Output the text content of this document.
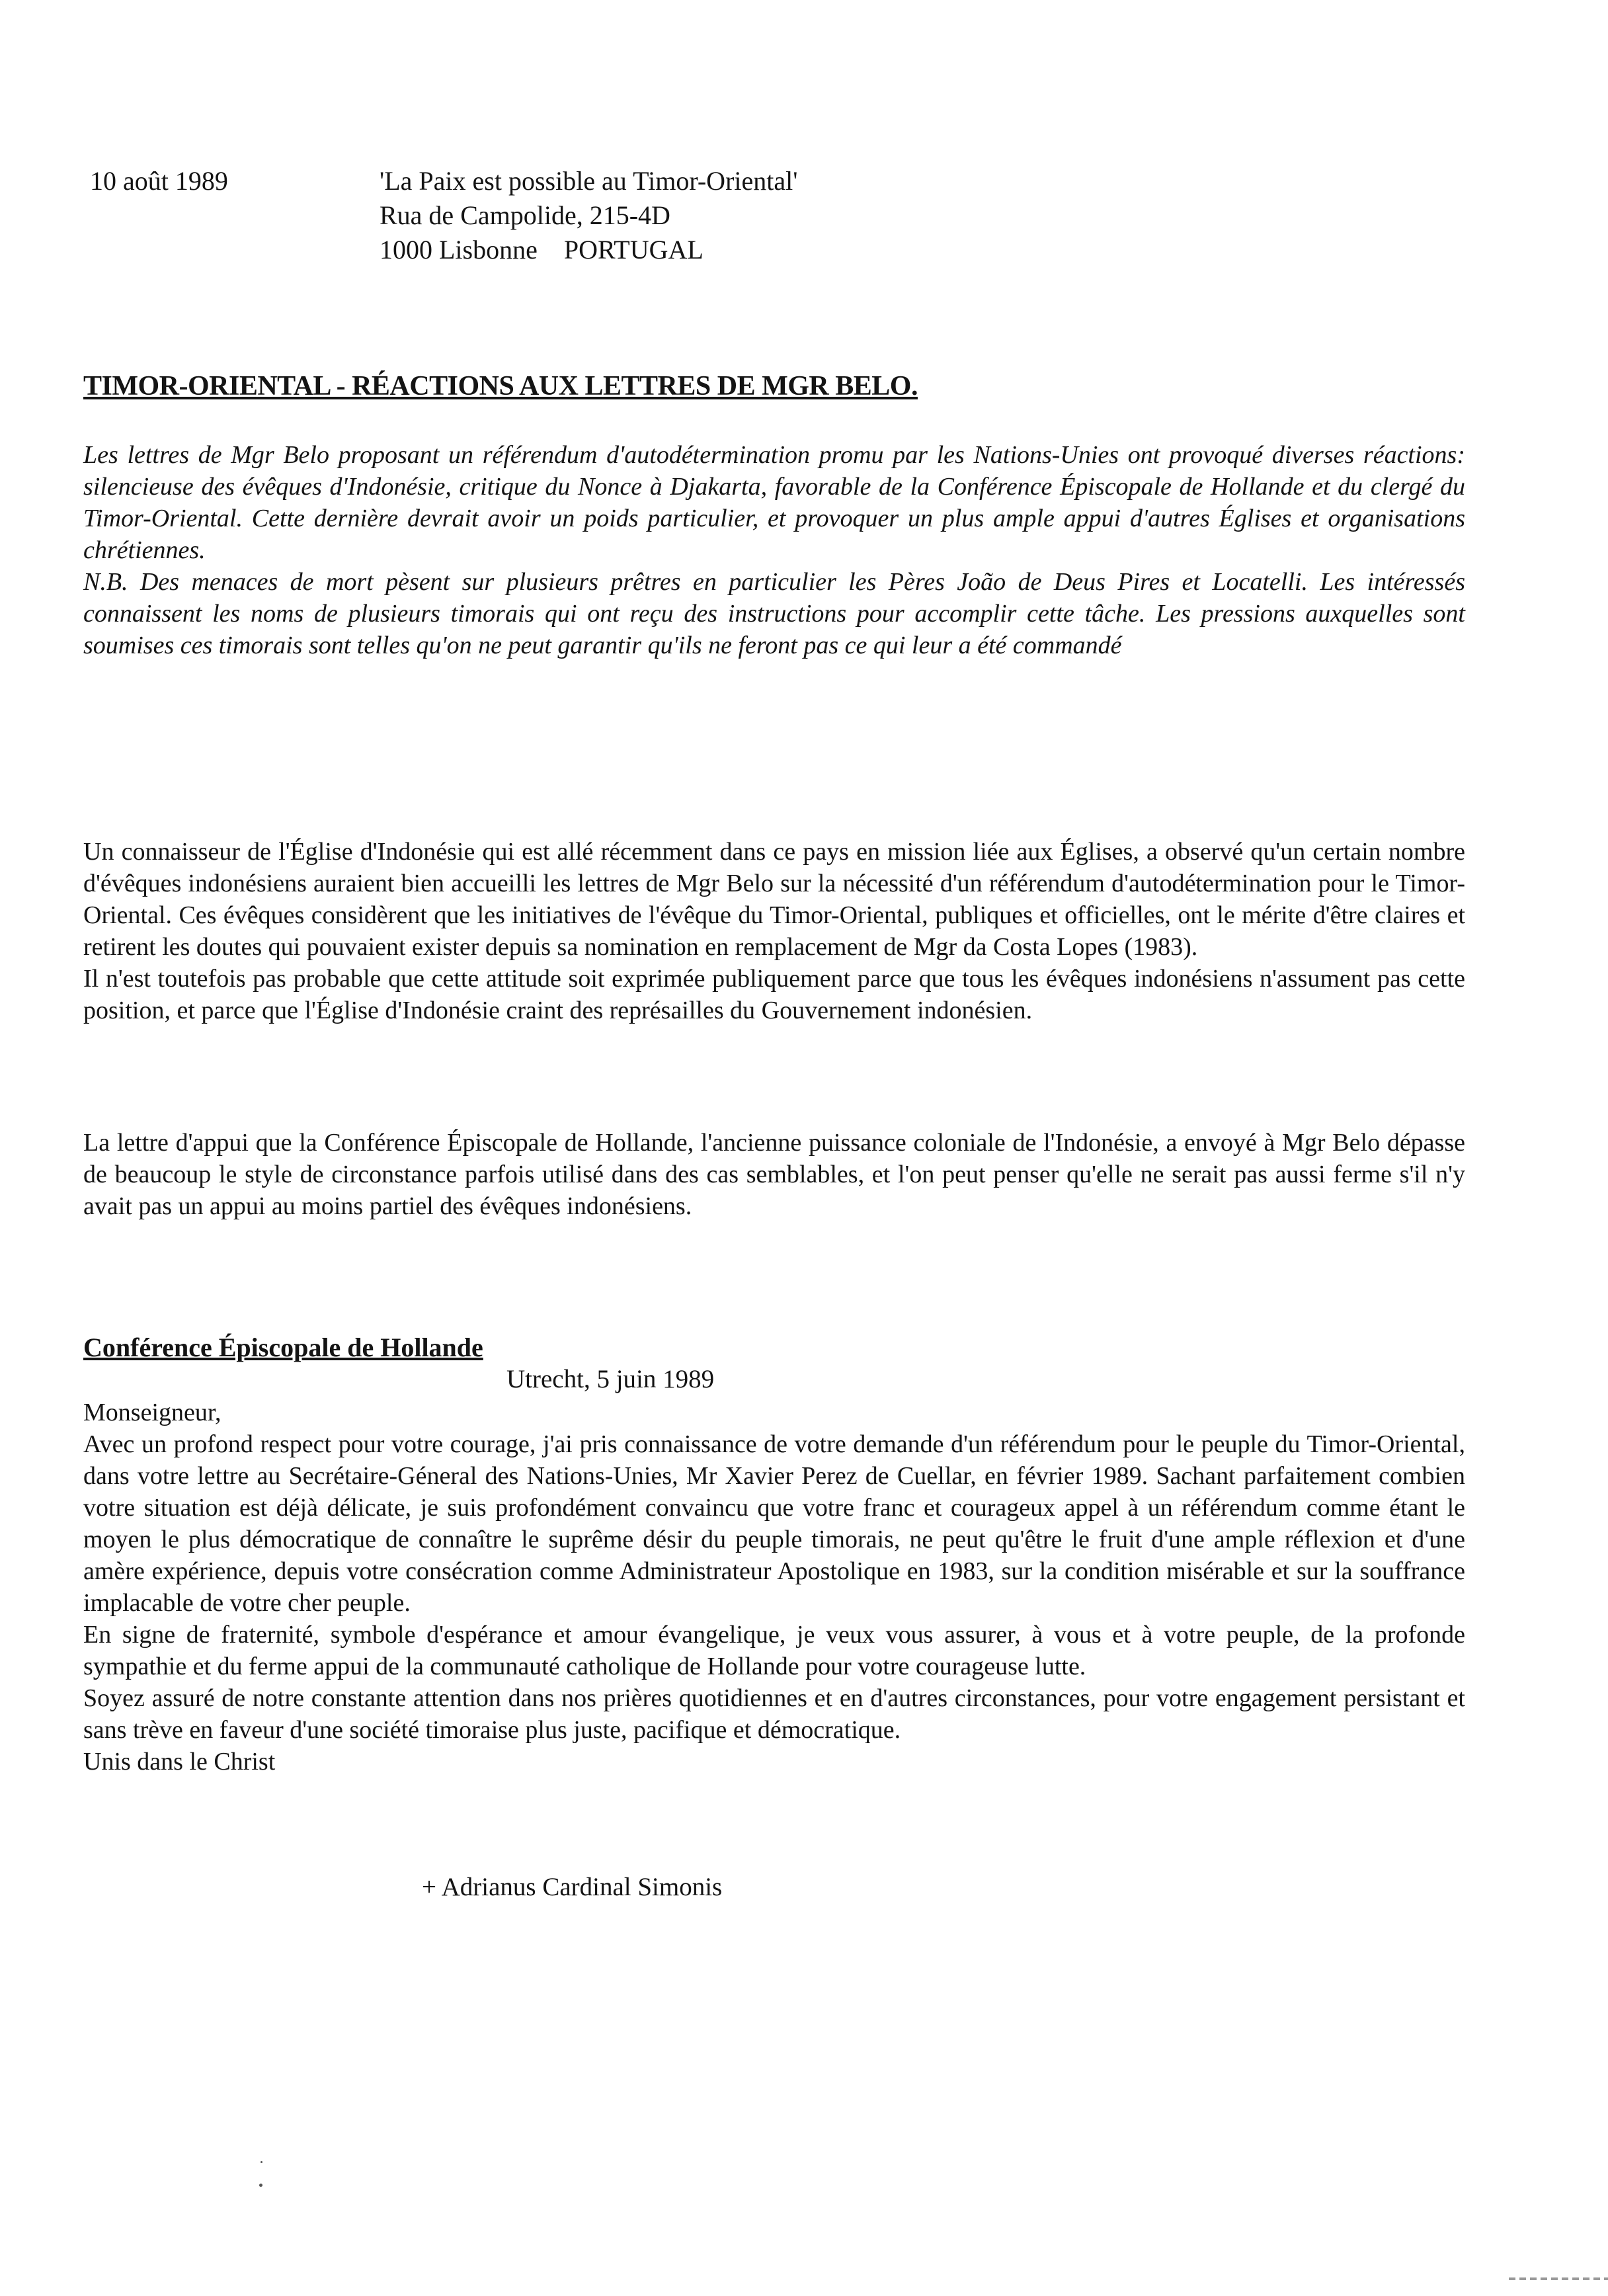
10 août 1989	'La Paix est possible au Timor-Oriental'
Rua de Campolide, 215-4D
1000 Lisbonne    PORTUGAL
TIMOR-ORIENTAL - RÉACTIONS AUX LETTRES DE MGR BELO.

Les lettres de Mgr Belo proposant un référendum d'autodétermination promu par les Nations-Unies ont provoqué diverses réactions: silencieuse des évêques d'Indonésie, critique du Nonce à Djakarta, favorable de la Conférence Épiscopale de Hollande et du clergé du Timor-Oriental. Cette dernière devrait avoir un poids particulier, et provoquer un plus ample appui d'autres Églises et organisations chrétiennes.

N.B. Des menaces de mort pèsent sur plusieurs prêtres en particulier les Pères João de Deus Pires et Locatelli. Les intéressés connaissent les noms de plusieurs timorais qui ont reçu des instructions pour accomplir cette tâche. Les pressions auxquelles sont soumises ces timorais sont telles qu'on ne peut garantir qu'ils ne feront pas ce qui leur a été commandé

Un connaisseur de l'Église d'Indonésie qui est allé récemment dans ce pays en mission liée aux Églises, a observé qu'un certain nombre d'évêques indonésiens auraient bien accueilli les lettres de Mgr Belo sur la nécessité d'un référendum d'autodétermination pour le Timor-Oriental. Ces évêques considèrent que les initiatives de l'évêque du Timor-Oriental, publiques et officielles, ont le mérite d'être claires et retirent les doutes qui pouvaient exister depuis sa nomination en remplacement de Mgr da Costa Lopes (1983).

Il n'est toutefois pas probable que cette attitude soit exprimée publiquement parce que tous les évêques indonésiens n'assument pas cette position, et parce que l'Église d'Indonésie craint des représailles du Gouvernement indonésien.

La lettre d'appui que la Conférence Épiscopale de Hollande, l'ancienne puissance coloniale de l'Indonésie, a envoyé à Mgr Belo dépasse de beaucoup le style de circonstance parfois utilisé dans des cas semblables, et l'on peut penser qu'elle ne serait pas aussi ferme s'il n'y avait pas un appui au moins partiel des évêques indonésiens.

Conférence Épiscopale de Hollande
Utrecht, 5 juin 1989

Monseigneur,

Avec un profond respect pour votre courage, j'ai pris connaissance de votre demande d'un référendum pour le peuple du Timor-Oriental, dans votre lettre au Secrétaire-Géneral des Nations-Unies, Mr Xavier Perez de Cuellar, en février 1989. Sachant parfaitement combien votre situation est déjà délicate, je suis profondément convaincu que votre franc et courageux appel à un référendum comme étant le moyen le plus démocratique de connaître le suprême désir du peuple timorais, ne peut qu'être le fruit d'une ample réflexion et d'une amère expérience, depuis votre consécration comme Administrateur Apostolique en 1983, sur la condition misérable et sur la souffrance implacable de votre cher peuple.

En signe de fraternité, symbole d'espérance et amour évangelique, je veux vous assurer, à vous et à votre peuple, de la profonde sympathie et du ferme appui de la communauté catholique de Hollande pour votre courageuse lutte.

Soyez assuré de notre constante attention dans nos prières quotidiennes et en d'autres circonstances, pour votre engagement persistant et sans trève en faveur d'une société timoraise plus juste, pacifique et démocratique.

Unis dans le Christ

+ Adrianus Cardinal Simonis
